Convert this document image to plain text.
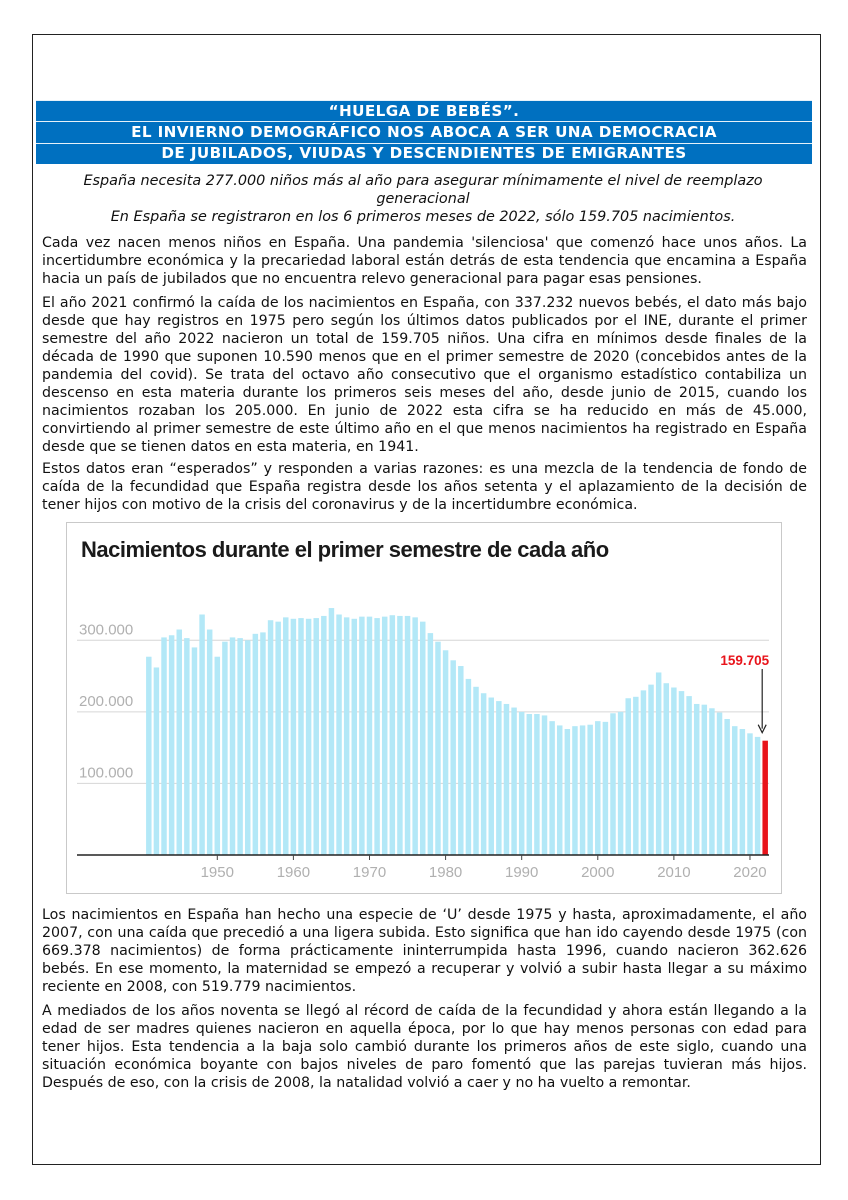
“HUELGA DE BEBÉS”.
EL INVIERNO DEMOGRÁFICO NOS ABOCA A SER UNA DEMOCRACIA
DE JUBILADOS, VIUDAS Y DESCENDIENTES DE EMIGRANTES
España necesita 277.000 niños más al año para asegurar mínimamente el nivel de reemplazo
generacional
En España se registraron en los 6 primeros meses de 2022, sólo 159.705 nacimientos.

Cada vez nacen menos niños en España. Una pandemia 'silenciosa' que comenzó hace unos años. La incertidumbre económica y la precariedad laboral están detrás de esta tendencia que encamina a España hacia un país de jubilados que no encuentra relevo generacional para pagar esas pensiones.

El año 2021 confirmó la caída de los nacimientos en España, con 337.232 nuevos bebés, el dato más bajo desde que hay registros en 1975 pero según los últimos datos publicados por el INE, durante el primer semestre del año 2022 nacieron un total de 159.705 niños. Una cifra en mínimos desde finales de la década de 1990 que suponen 10.590 menos que en el primer semestre de 2020 (concebidos antes de la pandemia del covid). Se trata del octavo año consecutivo que el organismo estadístico contabiliza un descenso en esta materia durante los primeros seis meses del año, desde junio de 2015, cuando los nacimientos rozaban los 205.000. En junio de 2022 esta cifra se ha reducido en más de 45.000, convirtiendo al primer semestre de este último año en el que menos nacimientos ha registrado en España desde que se tienen datos en esta materia, en 1941.

Estos datos eran “esperados” y responden a varias razones: es una mezcla de la tendencia de fondo de caída de la fecundidad que España registra desde los años setenta y el aplazamiento de la decisión de tener hijos con motivo de la crisis del coronavirus y de la incertidumbre económica.

Nacimientos durante el primer semestre de cada año
100.000
200.000
300.000
1950	1960	1970	1980	1990	2000	2010	2020
159.705

Los nacimientos en España han hecho una especie de ‘U’ desde 1975 y hasta, aproximadamente, el año 2007, con una caída que precedió a una ligera subida. Esto significa que han ido cayendo desde 1975 (con 669.378 nacimientos) de forma prácticamente ininterrumpida hasta 1996, cuando nacieron 362.626 bebés. En ese momento, la maternidad se empezó a recuperar y volvió a subir hasta llegar a su máximo reciente en 2008, con 519.779 nacimientos.

A mediados de los años noventa se llegó al récord de caída de la fecundidad y ahora están llegando a la edad de ser madres quienes nacieron en aquella época, por lo que hay menos personas con edad para tener hijos. Esta tendencia a la baja solo cambió durante los primeros años de este siglo, cuando una situación económica boyante con bajos niveles de paro fomentó que las parejas tuvieran más hijos. Después de eso, con la crisis de 2008, la natalidad volvió a caer y no ha vuelto a remontar.
